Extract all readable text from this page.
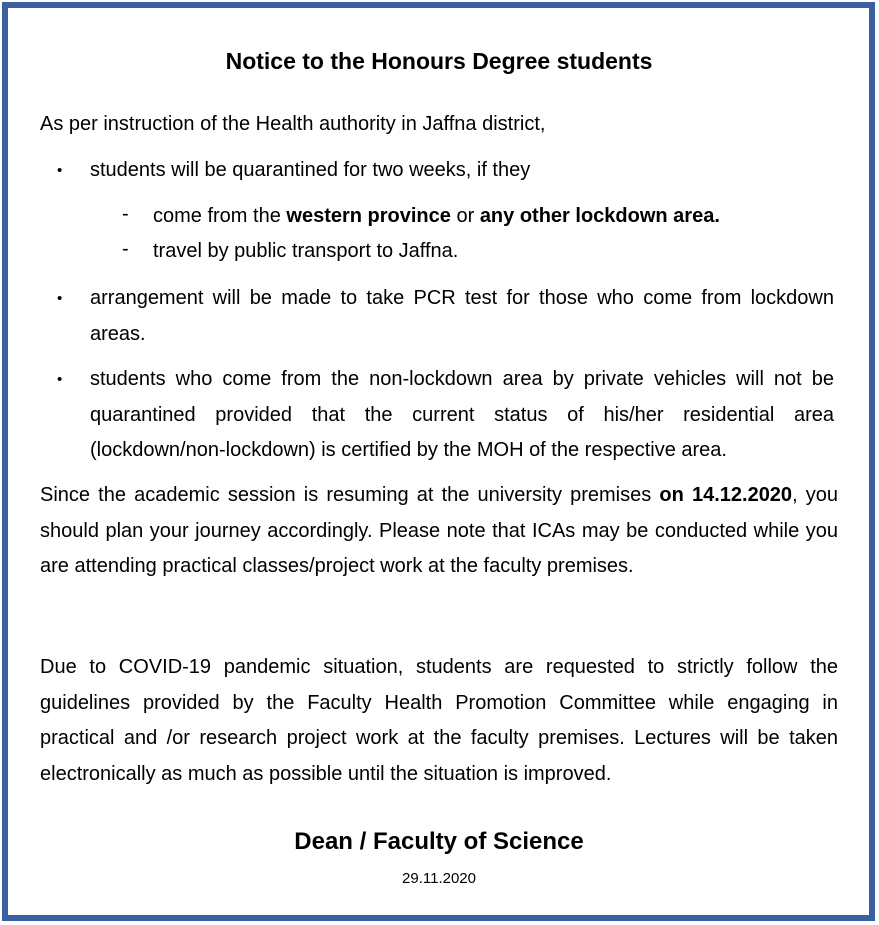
Notice to the Honours Degree students
As per instruction of the Health authority in Jaffna district,
• students will be quarantined for two weeks, if they
- come from the western province or any other lockdown area.
- travel by public transport to Jaffna.
• arrangement will be made to take PCR test for those who come from lockdown areas.
• students who come from the non-lockdown area by private vehicles will not be quarantined provided that the current status of his/her residential area (lockdown/non-lockdown) is certified by the MOH of the respective area.
Since the academic session is resuming at the university premises on 14.12.2020, you should plan your journey accordingly. Please note that ICAs may be conducted while you are attending practical classes/project work at the faculty premises.
Due to COVID-19 pandemic situation, students are requested to strictly follow the guidelines provided by the Faculty Health Promotion Committee while engaging in practical and /or research project work at the faculty premises. Lectures will be taken electronically as much as possible until the situation is improved.
Dean / Faculty of Science
29.11.2020
